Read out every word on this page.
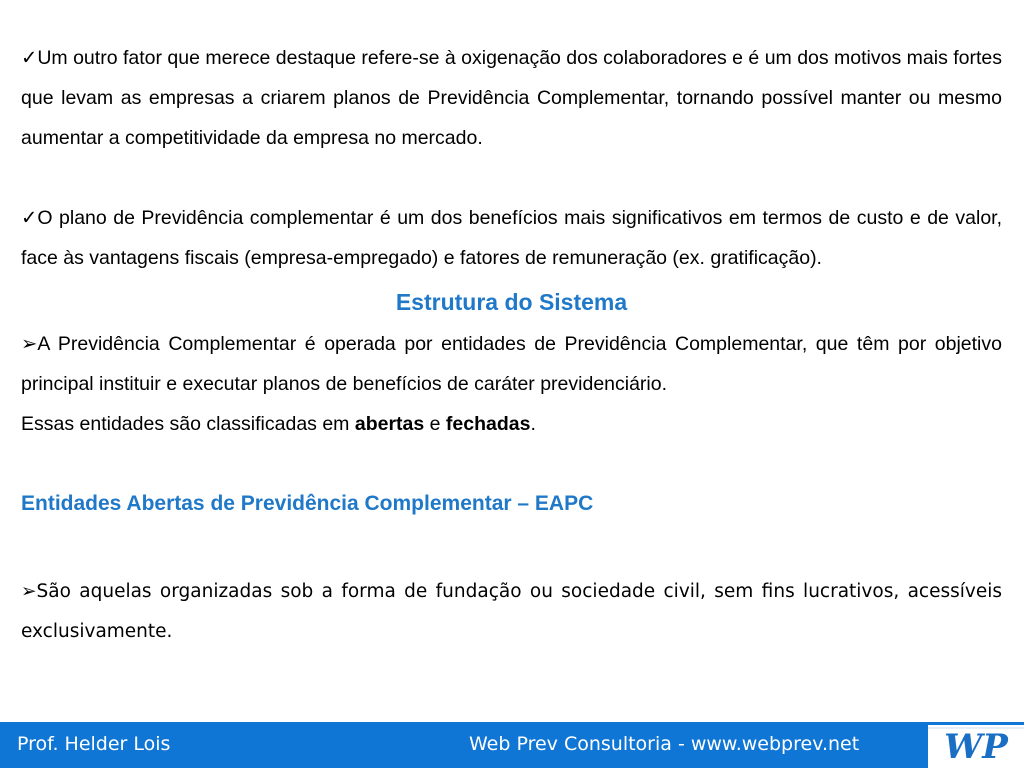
✓Um outro fator que merece destaque refere-se à oxigenação dos colaboradores e é um dos motivos mais fortes que levam as empresas a criarem planos de Previdência Complementar, tornando possível manter ou mesmo aumentar a competitividade da empresa no mercado.

✓O plano de Previdência complementar é um dos benefícios mais significativos em termos de custo e de valor, face às vantagens fiscais (empresa-empregado) e fatores de remuneração (ex. gratificação).

Estrutura do Sistema

➢A Previdência Complementar é operada por entidades de Previdência Complementar, que têm por objetivo principal instituir e executar planos de benefícios de caráter previdenciário.

Essas entidades são classificadas em abertas e fechadas.

Entidades Abertas de Previdência Complementar – EAPC

➢São aquelas organizadas sob a forma de fundação ou sociedade civil, sem fins lucrativos, acessíveis exclusivamente.

Prof. Helder Lois	Web Prev Consultoria - www.webprev.net WP
